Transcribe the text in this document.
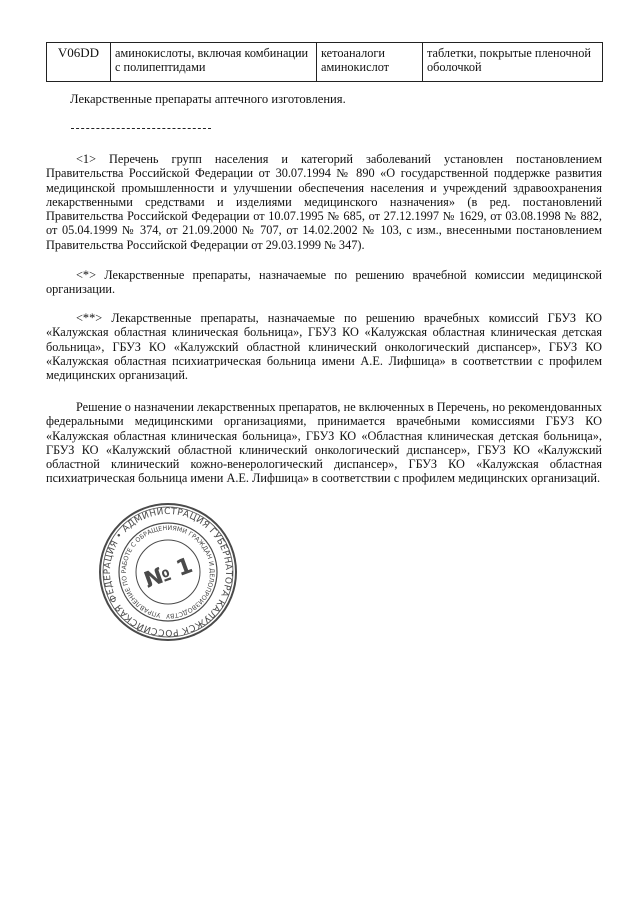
V06DD	аминокислоты, включая комбинации с полипептидами	кетоаналоги аминокислот	таблетки, покрытые пленочной оболочкой
Лекарственные препараты аптечного изготовления.

<1> Перечень групп населения и категорий заболеваний установлен постановлением Правительства Российской Федерации от 30.07.1994 № 890 «О государственной поддержке развития медицинской промышленности и улучшении обеспечения населения и учреждений здравоохранения лекарственными средствами и изделиями медицинского назначения» (в ред. постановлений Правительства Российской Федерации от 10.07.1995 № 685, от 27.12.1997 № 1629, от 03.08.1998 № 882, от 05.04.1999 № 374, от 21.09.2000 № 707, от 14.02.2002 № 103, с изм., внесенными постановлением Правительства Российской Федерации от 29.03.1999 № 347).

<*> Лекарственные препараты, назначаемые по решению врачебной комиссии медицинской организации.

<**> Лекарственные препараты, назначаемые по решению врачебных комиссий ГБУЗ КО «Калужская областная клиническая больница», ГБУЗ КО «Калужская областная клиническая детская больница», ГБУЗ КО «Калужский областной клинический онкологический диспансер», ГБУЗ КО «Калужская областная психиатрическая больница имени А.Е. Лифшица» в соответствии с профилем медицинских организаций.

Решение о назначении лекарственных препаратов, не включенных в Перечень, но рекомендованных федеральными медицинскими организациями, принимается врачебными комиссиями ГБУЗ КО «Калужская областная клиническая больница», ГБУЗ КО «Областная клиническая детская больница», ГБУЗ КО «Калужский областной клинический онкологический диспансер», ГБУЗ КО «Калужский областной клинический кожно-венерологический диспансер», ГБУЗ КО «Калужская областная психиатрическая больница имени А.Е. Лифшица» в соответствии с профилем медицинских организаций.

РОССИЙСКАЯ ФЕДЕРАЦИЯ • АДМИНИСТРАЦИЯ ГУБЕРНАТОРА КАЛУЖСКОЙ
УПРАВЛЕНИЕ ПО РАБОТЕ С ОБРАЩЕНИЯМИ ГРАЖДАН И ДЕЛОПРОИЗВОДСТВУ
№ 1
